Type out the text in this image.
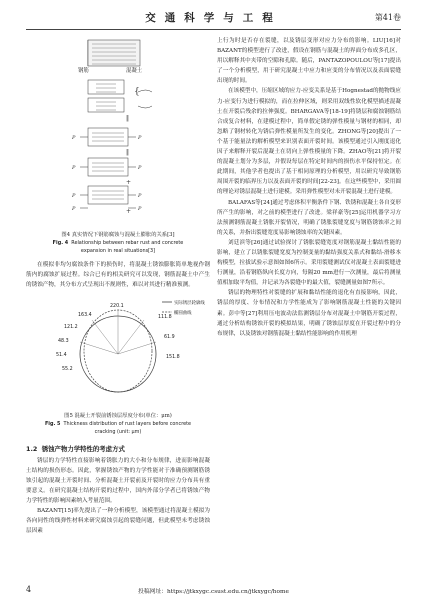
交通科学与工程	第41卷
钢筋	混凝土
{
‖
‖
+
+
P	P
P	P
P	P
P	P
图4 真实情况下钢筋腐蚀与混凝土膨胀的关系[3]
Fig. 4 Relationship between rebar rust and concrete
expansion in real situations[3]

在模拟非均匀腐蚀条件下的损伤时，将混凝土锈蚀膨胀简单地视作钢筋内的腐蚀扩展过程。综合已有的相关研究可以发现，钢筋混凝土中产生的锈蚀产物，其分布方式呈现出不规则性，难以对其进行精准预测。

220.1
163.4
121.2
48.3
51.4
55.2
61.9
111.8
151.8
实际锈层轮廓线
椭圆曲线
图5 混凝土开裂前锈蚀层厚度分布(单位：μm)
Fig. 5 Thickness distribution of rust layers before concrete
cracking (unit: μm)
1.2 锈蚀产物力学特性的考虑方式

锈层的力学特性直接影响着锈胀力的大小和分布规律，进而影响混凝土结构的损伤形态。因此，掌握锈蚀产物的力学性能对于准确预测钢筋锈蚀引起的混凝土开裂时间、分析混凝土开裂前及开裂时的应力分布具有重要意义。在研究混凝土结构开裂的过程中，国内外部分学者已将锈蚀产物力学特性的影响因素纳入考量范围。

BAZANT[15]率先提出了一种分析模型，该模型通过将混凝土模拟为各向同性的线弹性材料来研究腐蚀引起的裂缝问题，但此模型未考虑锈蚀层因素

上行为时是否存在裂缝，以及锈层变形对应力分布的影响。LIU[16]对BAZANT的模型进行了改进，假设在钢筋与混凝土的界面分布成多孔区，用以解释其中夹带的空隙和孔隙。随后，PANTAZOPOULOU等[17]提出了一个分析模型，用于研究混凝土中应力和应变的分布情况以及表面裂缝出现的时间。

在该模型中，压缩区域的应力-应变关系是基于Hognestad的抛物线应力-应变行为进行模拟的，而在拉伸区域，则采用双线性软化模型描述混凝土在开裂后残余的拉伸强度。BHARGAVA等[18-19]将锈层和腐蚀钢筋结合成复合材料，在建模过程中，简单假定锈的弹性模量与钢材的相同，却忽略了钢材转化为锈后弹性模量所发生的变化。ZHONG等[20]提出了一个基于能量法的解析模型来识别表面开裂时间。该模型通过引入刚度退化因子来解释开裂后混凝土在切向上弹性模量的下降。ZHAO等[21]将开裂的混凝土划分为多层，并假设每层在特定时间内的损伤水平保持恒定。在此期间，其他学者也提出了基于相同原理的分析模型，用以研究导致钢筋周围开裂的临界压力以及表面开裂的时间[22-23]。在这些模型中，采用圆的理论对锈层混凝土进行建模。采用弹性模型对未开裂混凝土进行建模。

BALAFAS等[24]通过考虑体积平衡条件下钢、铁锈和混凝土各自变形所产生的影响，对之前的模型进行了改进。梁祥豪等[25]运用机器学习方法预测钢筋混凝土锈胀开裂情况，明确了锈胀裂缝宽度与钢筋锈蚀率之间的关系，并指出裂缝宽度易影响锈蚀率的关键因素。

刘廷滨等[26]通过试验探讨了锈胀裂缝宽度对钢筋混凝土黏结性能的影响，建立了以锈胀裂缝宽度为控制变量的黏结强度关系式和黏结-滑移本构模型，拉拔试验示意图如图6所示。采用裂缝测试仪对混凝土表面裂缝进行测量，沿着钢筋纵向长度方向，每隔20 mm进行一次测量，最后将测量值相加取平均值，并记录为各裂缝中的最大值，裂缝测量如图7所示。

锈层的物理特性对裂缝的扩展和黏结性能的退化有直接影响，因此，锈层的厚度、分布情况和力学性能成为了影响钢筋混凝土性能的关键因素。彭中等[27]利用压电波动法监测锈层分布对混凝土中钢筋开裂过程，通过分析结构锈蚀开裂的模拟结果，明确了锈蚀层厚度在开裂过程中的分布规律，以及锈蚀对钢筋混凝土黏结性能影响的作用机理

4	投稿网址：https://jtkxygc.csust.edu.cn/jtkxygc/home
